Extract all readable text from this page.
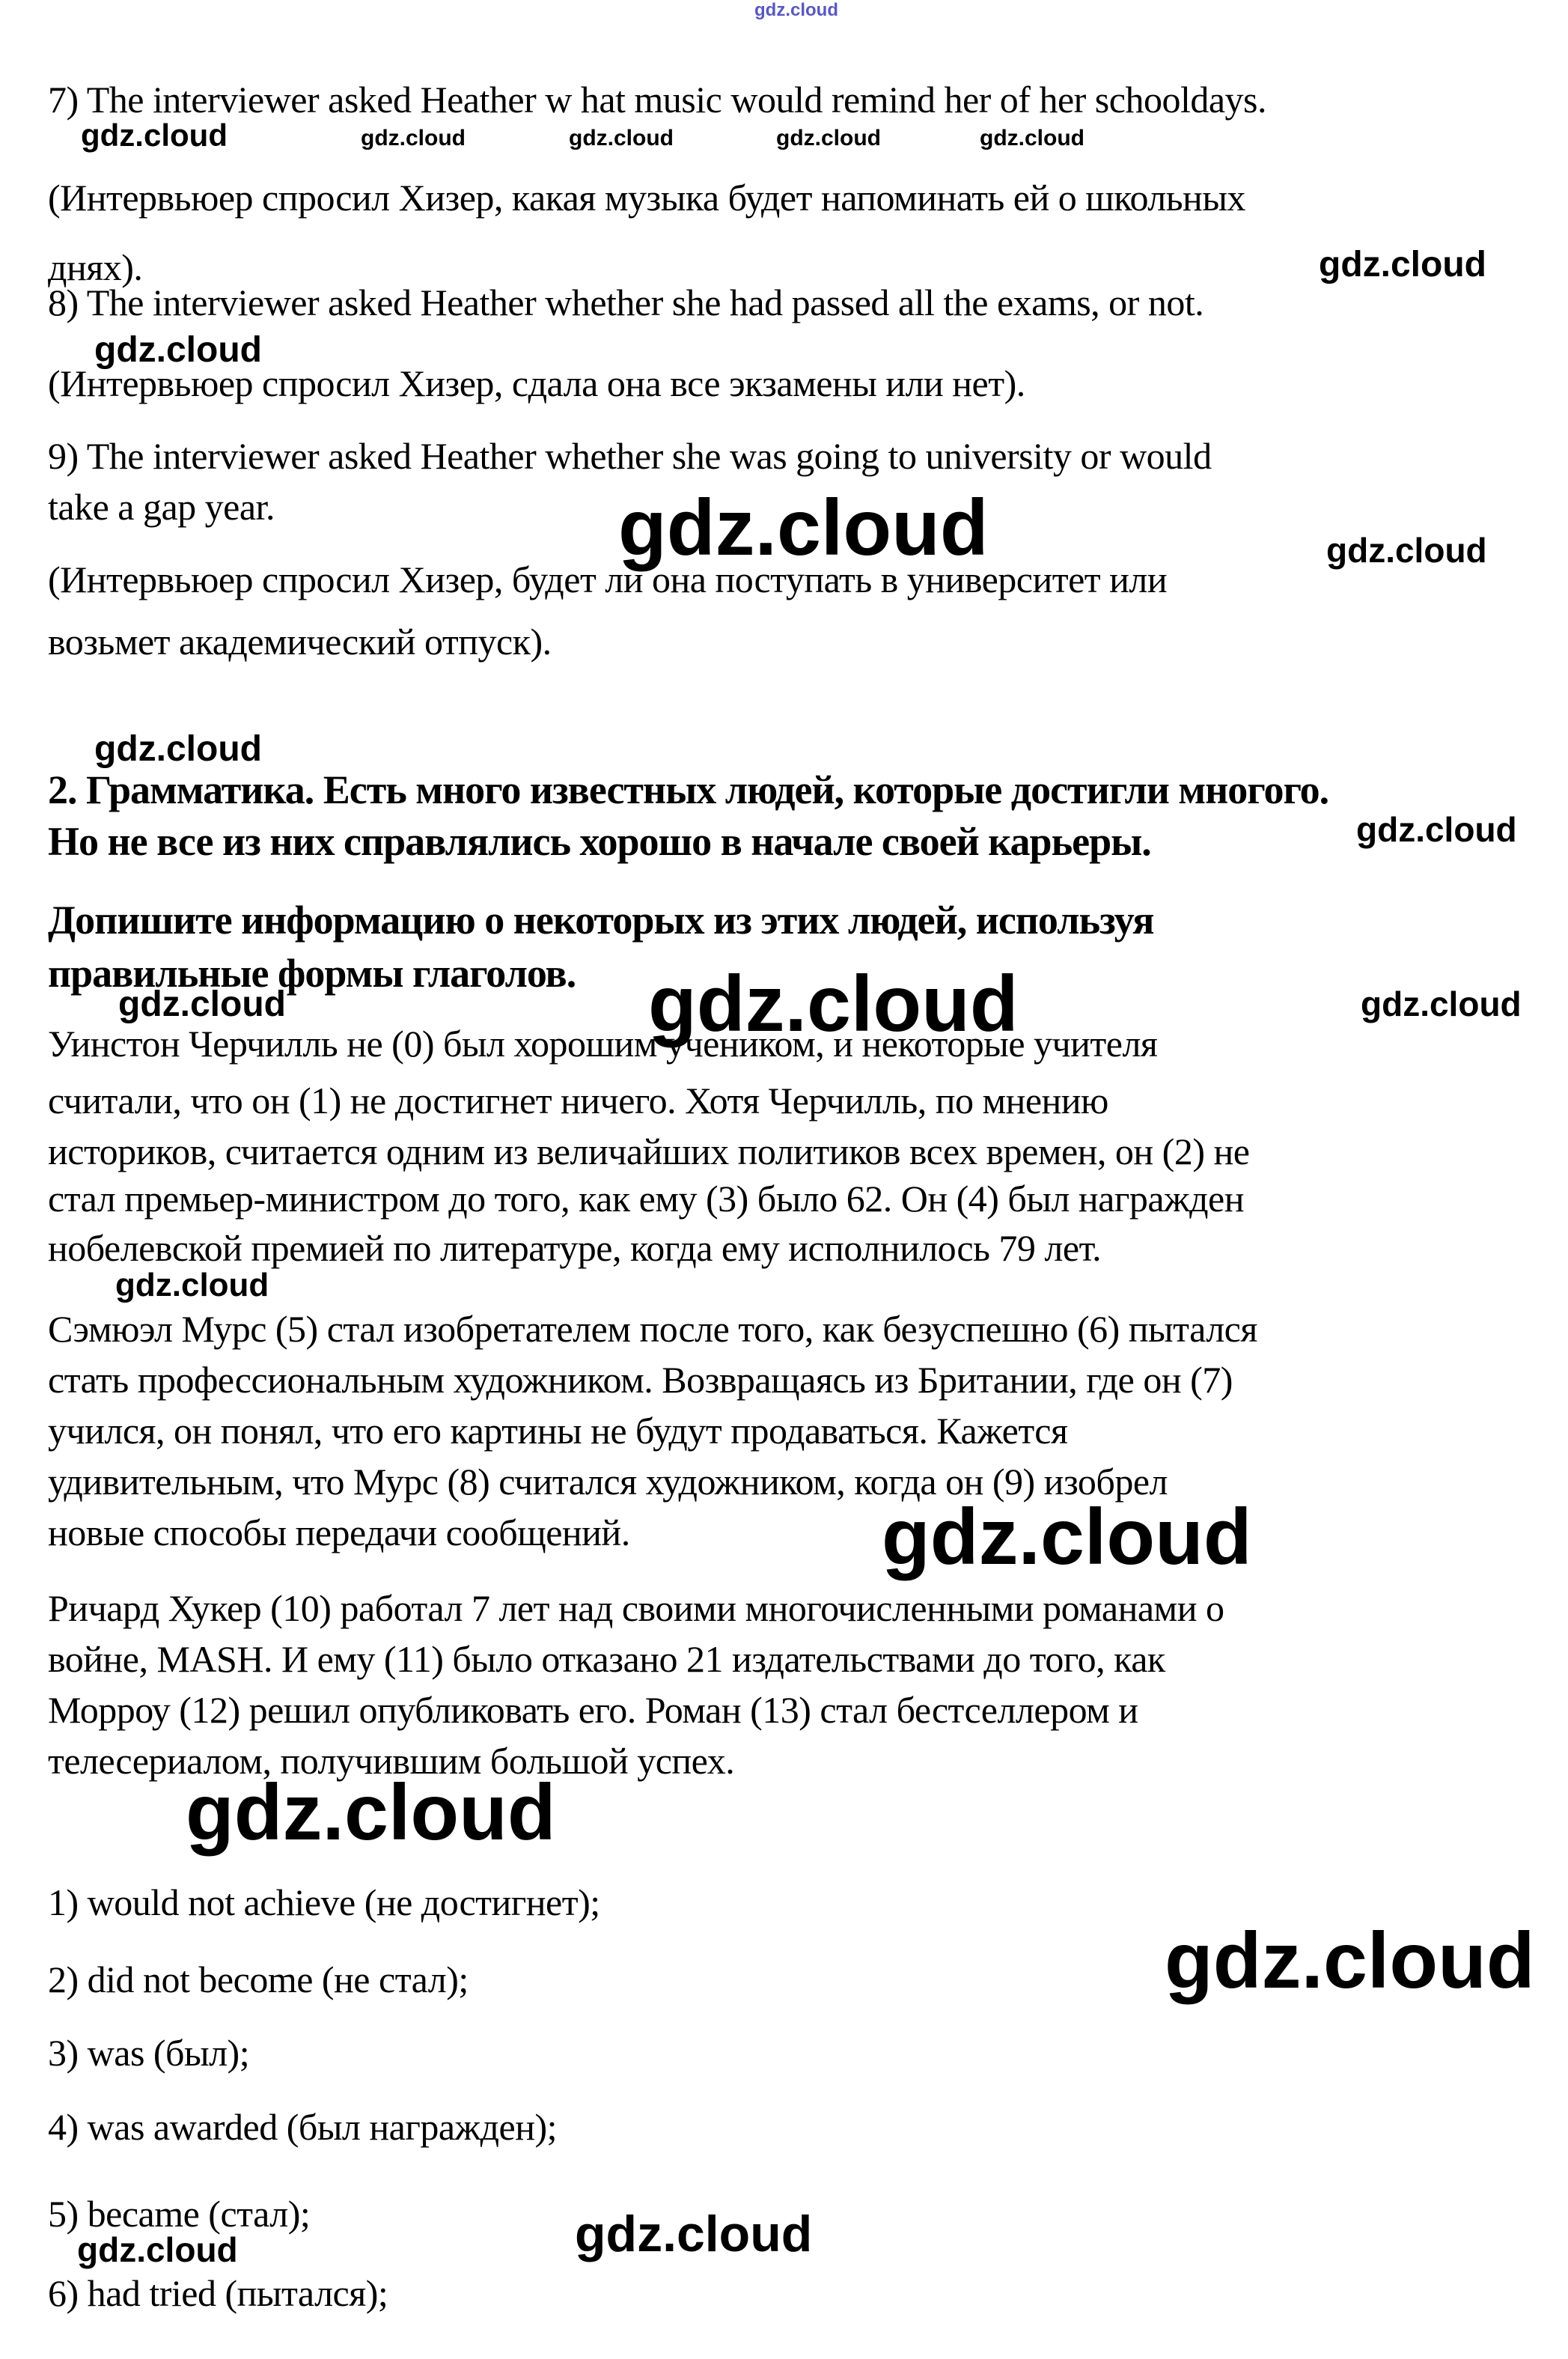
gdz.cloud
7) The interviewer asked Heather w hat music would remind her of her schooldays.
gdz.cloud	gdz.cloud	gdz.cloud	gdz.cloud	gdz.cloud
(Интервьюер спросил Хизер, какая музыка будет напоминать ей о школьных
днях).	gdz.cloud
8) The interviewer asked Heather whether she had passed all the exams, or not.
gdz.cloud
(Интервьюер спросил Хизер, сдала она все экзамены или нет).
9) The interviewer asked Heather whether she was going to university or would
take a gap year.	gdz.cloud	gdz.cloud
(Интервьюер спросил Хизер, будет ли она поступать в университет или
возьмет академический отпуск).
gdz.cloud
2. Грамматика. Есть много известных людей, которые достигли многого.
gdz.cloud
Но не все из них справлялись хорошо в начале своей карьеры.
Допишите информацию о некоторых из этих людей, используя
правильные формы глаголов.
gdz.cloud	gdz.cloud	gdz.cloud
Уинстон Черчилль не (0) был хорошим учеником, и некоторые учителя
считали, что он (1) не достигнет ничего. Хотя Черчилль, по мнению
историков, считается одним из величайших политиков всех времен, он (2) не
стал премьер-министром до того, как ему (3) было 62. Он (4) был награжден
нобелевской премией по литературе, когда ему исполнилось 79 лет.
gdz.cloud
Сэмюэл Мурс (5) стал изобретателем после того, как безуспешно (6) пытался
стать профессиональным художником. Возвращаясь из Британии, где он (7)
учился, он понял, что его картины не будут продаваться. Кажется
удивительным, что Мурс (8) считался художником, когда он (9) изобрел
новые способы передачи сообщений.	gdz.cloud
Ричард Хукер (10) работал 7 лет над своими многочисленными романами о
войне, MASH. И ему (11) было отказано 21 издательствами до того, как
Морроу (12) решил опубликовать его. Роман (13) стал бестселлером и
телесериалом, получившим большой успех.
gdz.cloud
1) would not achieve (не достигнет);
gdz.cloud
2) did not become (не стал);
3) was (был);
4) was awarded (был награжден);
5) became (стал);	gdz.cloud
gdz.cloud
6) had tried (пытался);
